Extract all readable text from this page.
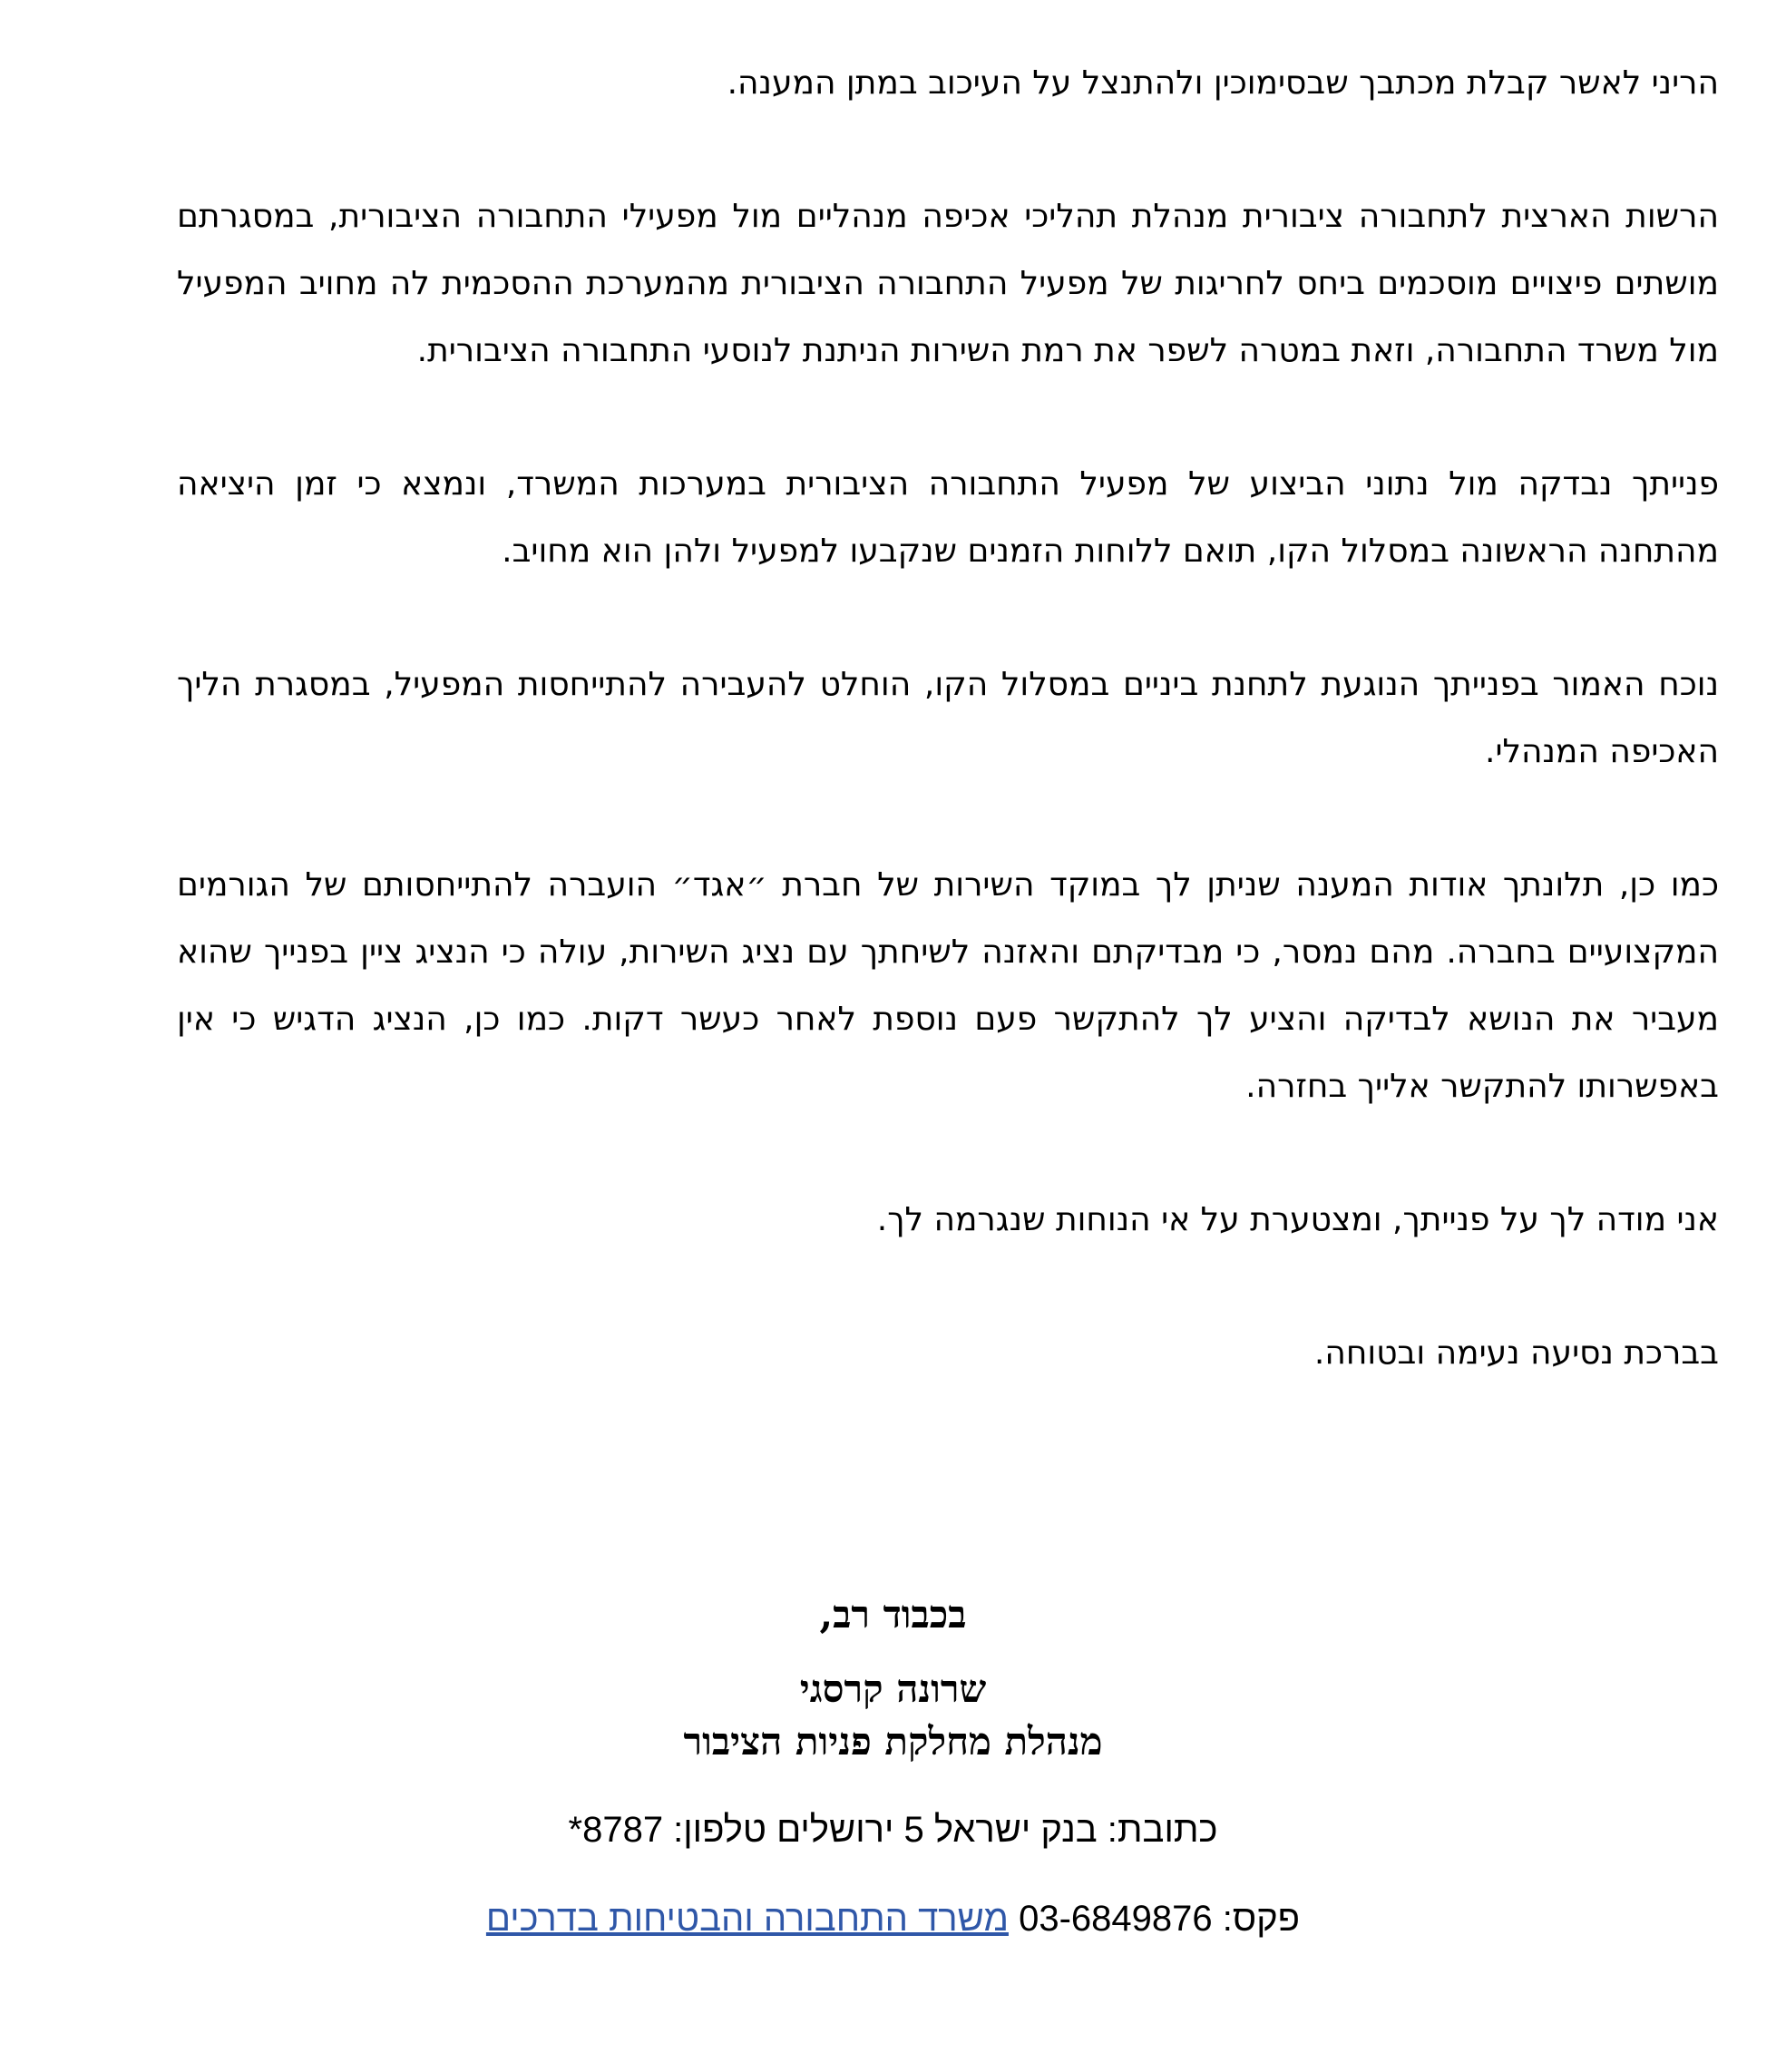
הריני לאשר קבלת מכתבך שבסימוכין ולהתנצל על העיכוב במתן המענה.

הרשות הארצית לתחבורה ציבורית מנהלת תהליכי אכיפה מנהליים מול מפעילי התחבורה הציבורית, במסגרתם מושתים פיצויים מוסכמים ביחס לחריגות של מפעיל התחבורה הציבורית מהמערכת ההסכמית לה מחויב המפעיל מול משרד התחבורה, וזאת במטרה לשפר את רמת השירות הניתנת לנוסעי התחבורה הציבורית.

פנייתך נבדקה מול נתוני הביצוע של מפעיל התחבורה הציבורית במערכות המשרד, ונמצא כי זמן היציאה מהתחנה הראשונה במסלול הקו, תואם ללוחות הזמנים שנקבעו למפעיל ולהן הוא מחויב.

נוכח האמור בפנייתך הנוגעת לתחנת ביניים במסלול הקו, הוחלט להעבירה להתייחסות המפעיל, במסגרת הליך האכיפה המנהלי.

כמו כן, תלונתך אודות המענה שניתן לך במוקד השירות של חברת ״אגד״ הועברה להתייחסותם של הגורמים המקצועיים בחברה. מהם נמסר, כי מבדיקתם והאזנה לשיחתך עם נציג השירות, עולה כי הנציג ציין בפנייך שהוא מעביר את הנושא לבדיקה והציע לך להתקשר פעם נוספת לאחר כעשר דקות. כמו כן, הנציג הדגיש כי אין באפשרותו להתקשר אלייך בחזרה.

אני מודה לך על פנייתך, ומצטערת על אי הנוחות שנגרמה לך.

בברכת נסיעה נעימה ובטוחה.

בכבוד רב,

שרונה קרסגי

מנהלת מחלקת פניות הציבור

כתובת: בנק ישראל 5 ירושלים טלפון: 8787*

פקס: 03-6849876 משרד התחבורה והבטיחות בדרכים
